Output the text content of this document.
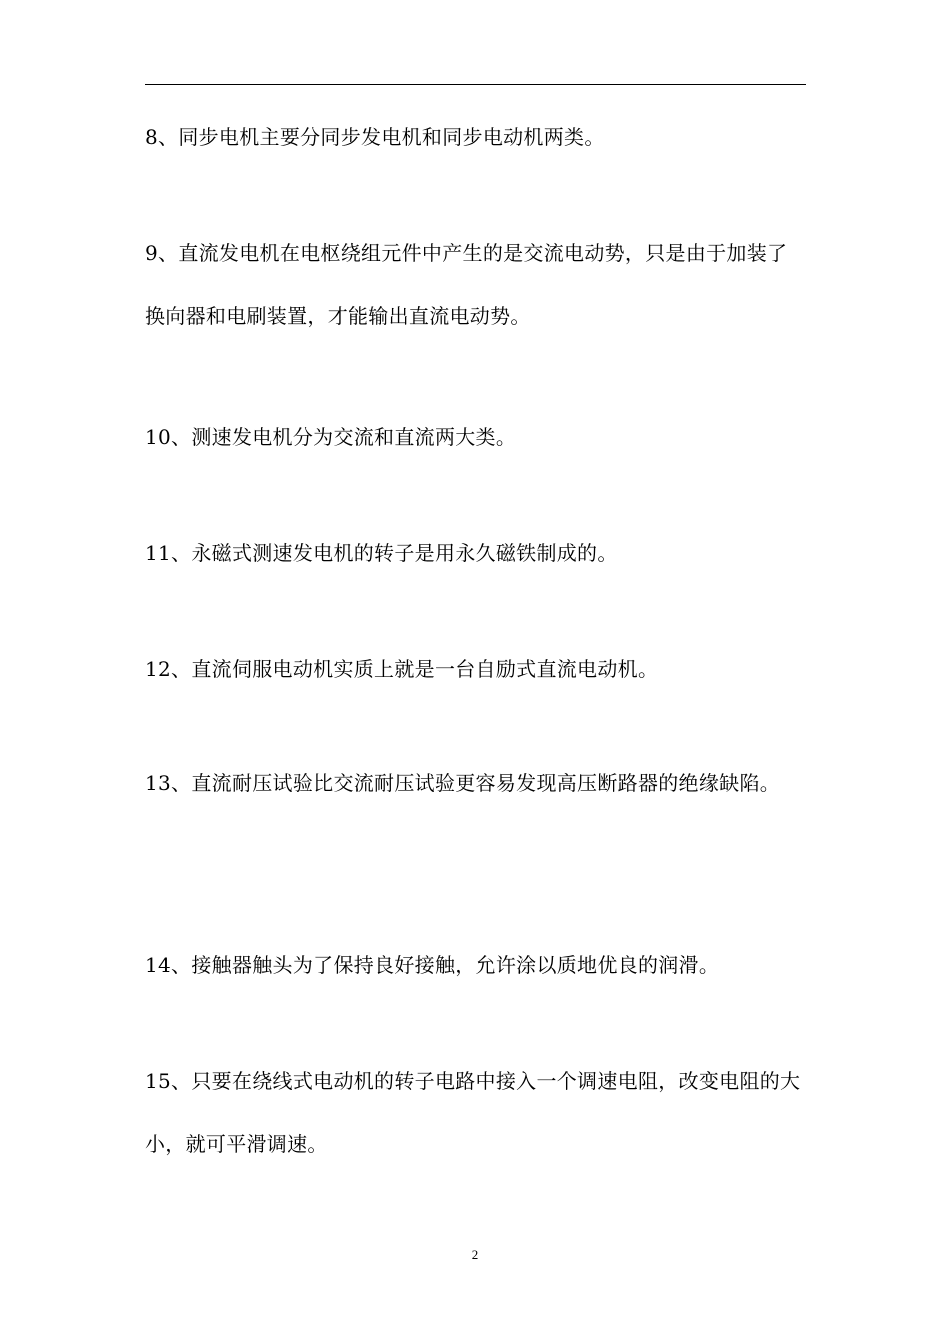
8、同步电机主要分同步发电机和同步电动机两类。

9、直流发电机在电枢绕组元件中产生的是交流电动势，只是由于加装了换向器和电刷装置，才能输出直流电动势。

10、测速发电机分为交流和直流两大类。

11、永磁式测速发电机的转子是用永久磁铁制成的。

12、直流伺服电动机实质上就是一台自励式直流电动机。

13、直流耐压试验比交流耐压试验更容易发现高压断路器的绝缘缺陷。

14、接触器触头为了保持良好接触，允许涂以质地优良的润滑。

15、只要在绕线式电动机的转子电路中接入一个调速电阻，改变电阻的大小，就可平滑调速。

2
